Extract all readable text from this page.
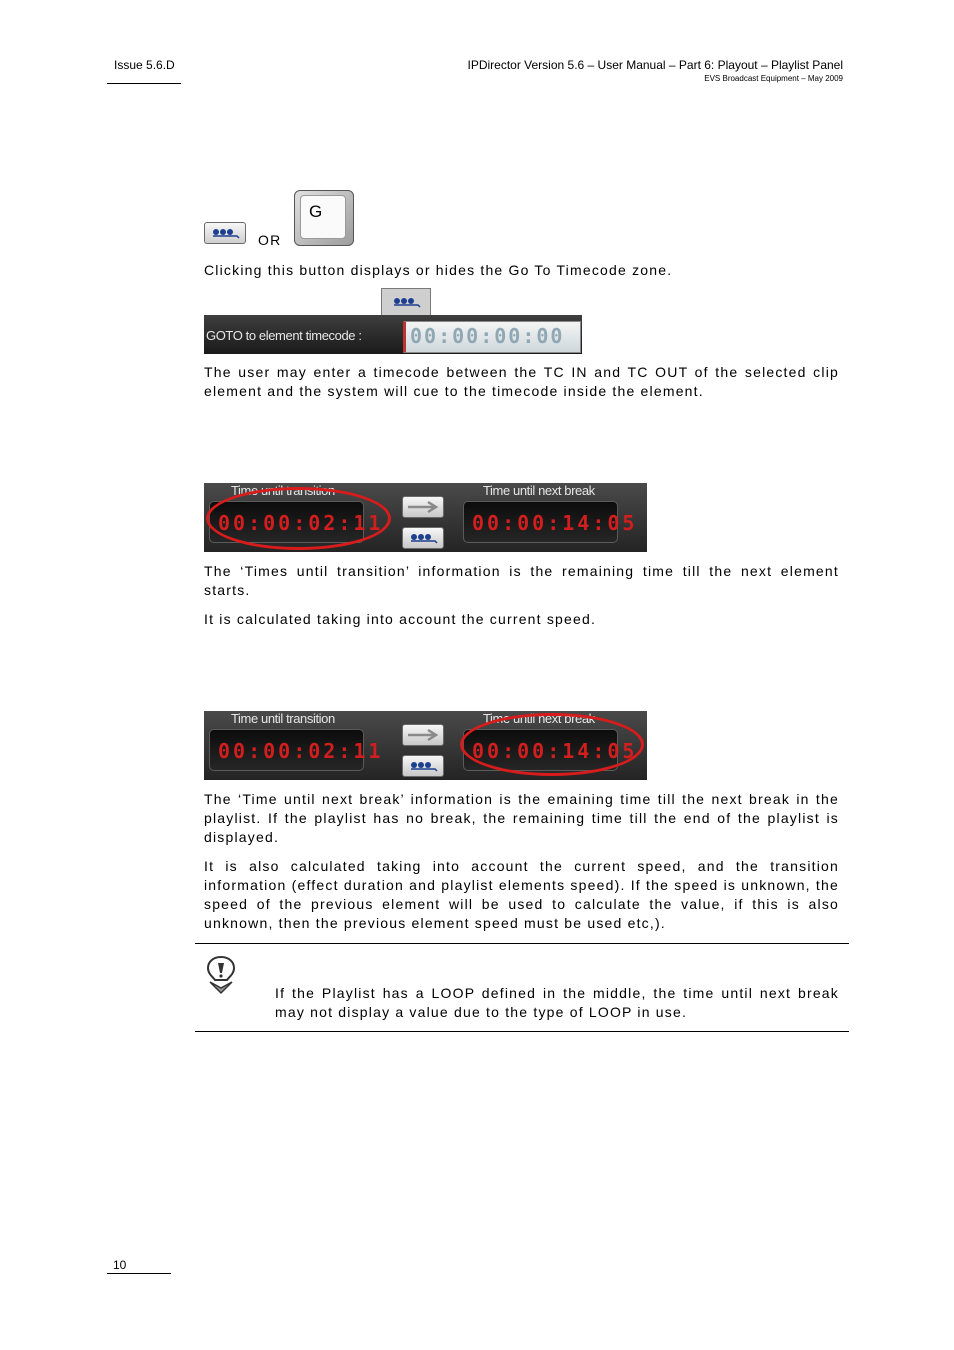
Issue 5.6.D	IPDirector Version 5.6 – User Manual – Part 6: Playout – Playlist Panel
EVS Broadcast Equipment – May 2009
OR
G
Clicking this button displays or hides the Go To Timecode zone.
GOTO to element timecode :	00:00:00:00
The user may enter a timecode between the TC IN and TC OUT of the selected clip element and the system will cue to the timecode inside the element.
Time until transition	Time until next break
00:00:02:11	00:00:14:05
The ‘Times until transition’ information is the remaining time till the next element starts.
It is calculated taking into account the current speed.
Time until transition	Time until next break
00:00:02:11	00:00:14:05
The ‘Time until next break’ information is the emaining time till the next break in the playlist. If the playlist has no break, the remaining time till the end of the playlist is displayed.
It is also calculated taking into account the current speed, and the transition information (effect duration and playlist elements speed). If the speed is unknown, the speed of the previous element will be used to calculate the value, if this is also unknown, then the previous element speed must be used etc,).
If the Playlist has a LOOP defined in the middle, the time until next break may not display a value due to the type of LOOP in use.
10
